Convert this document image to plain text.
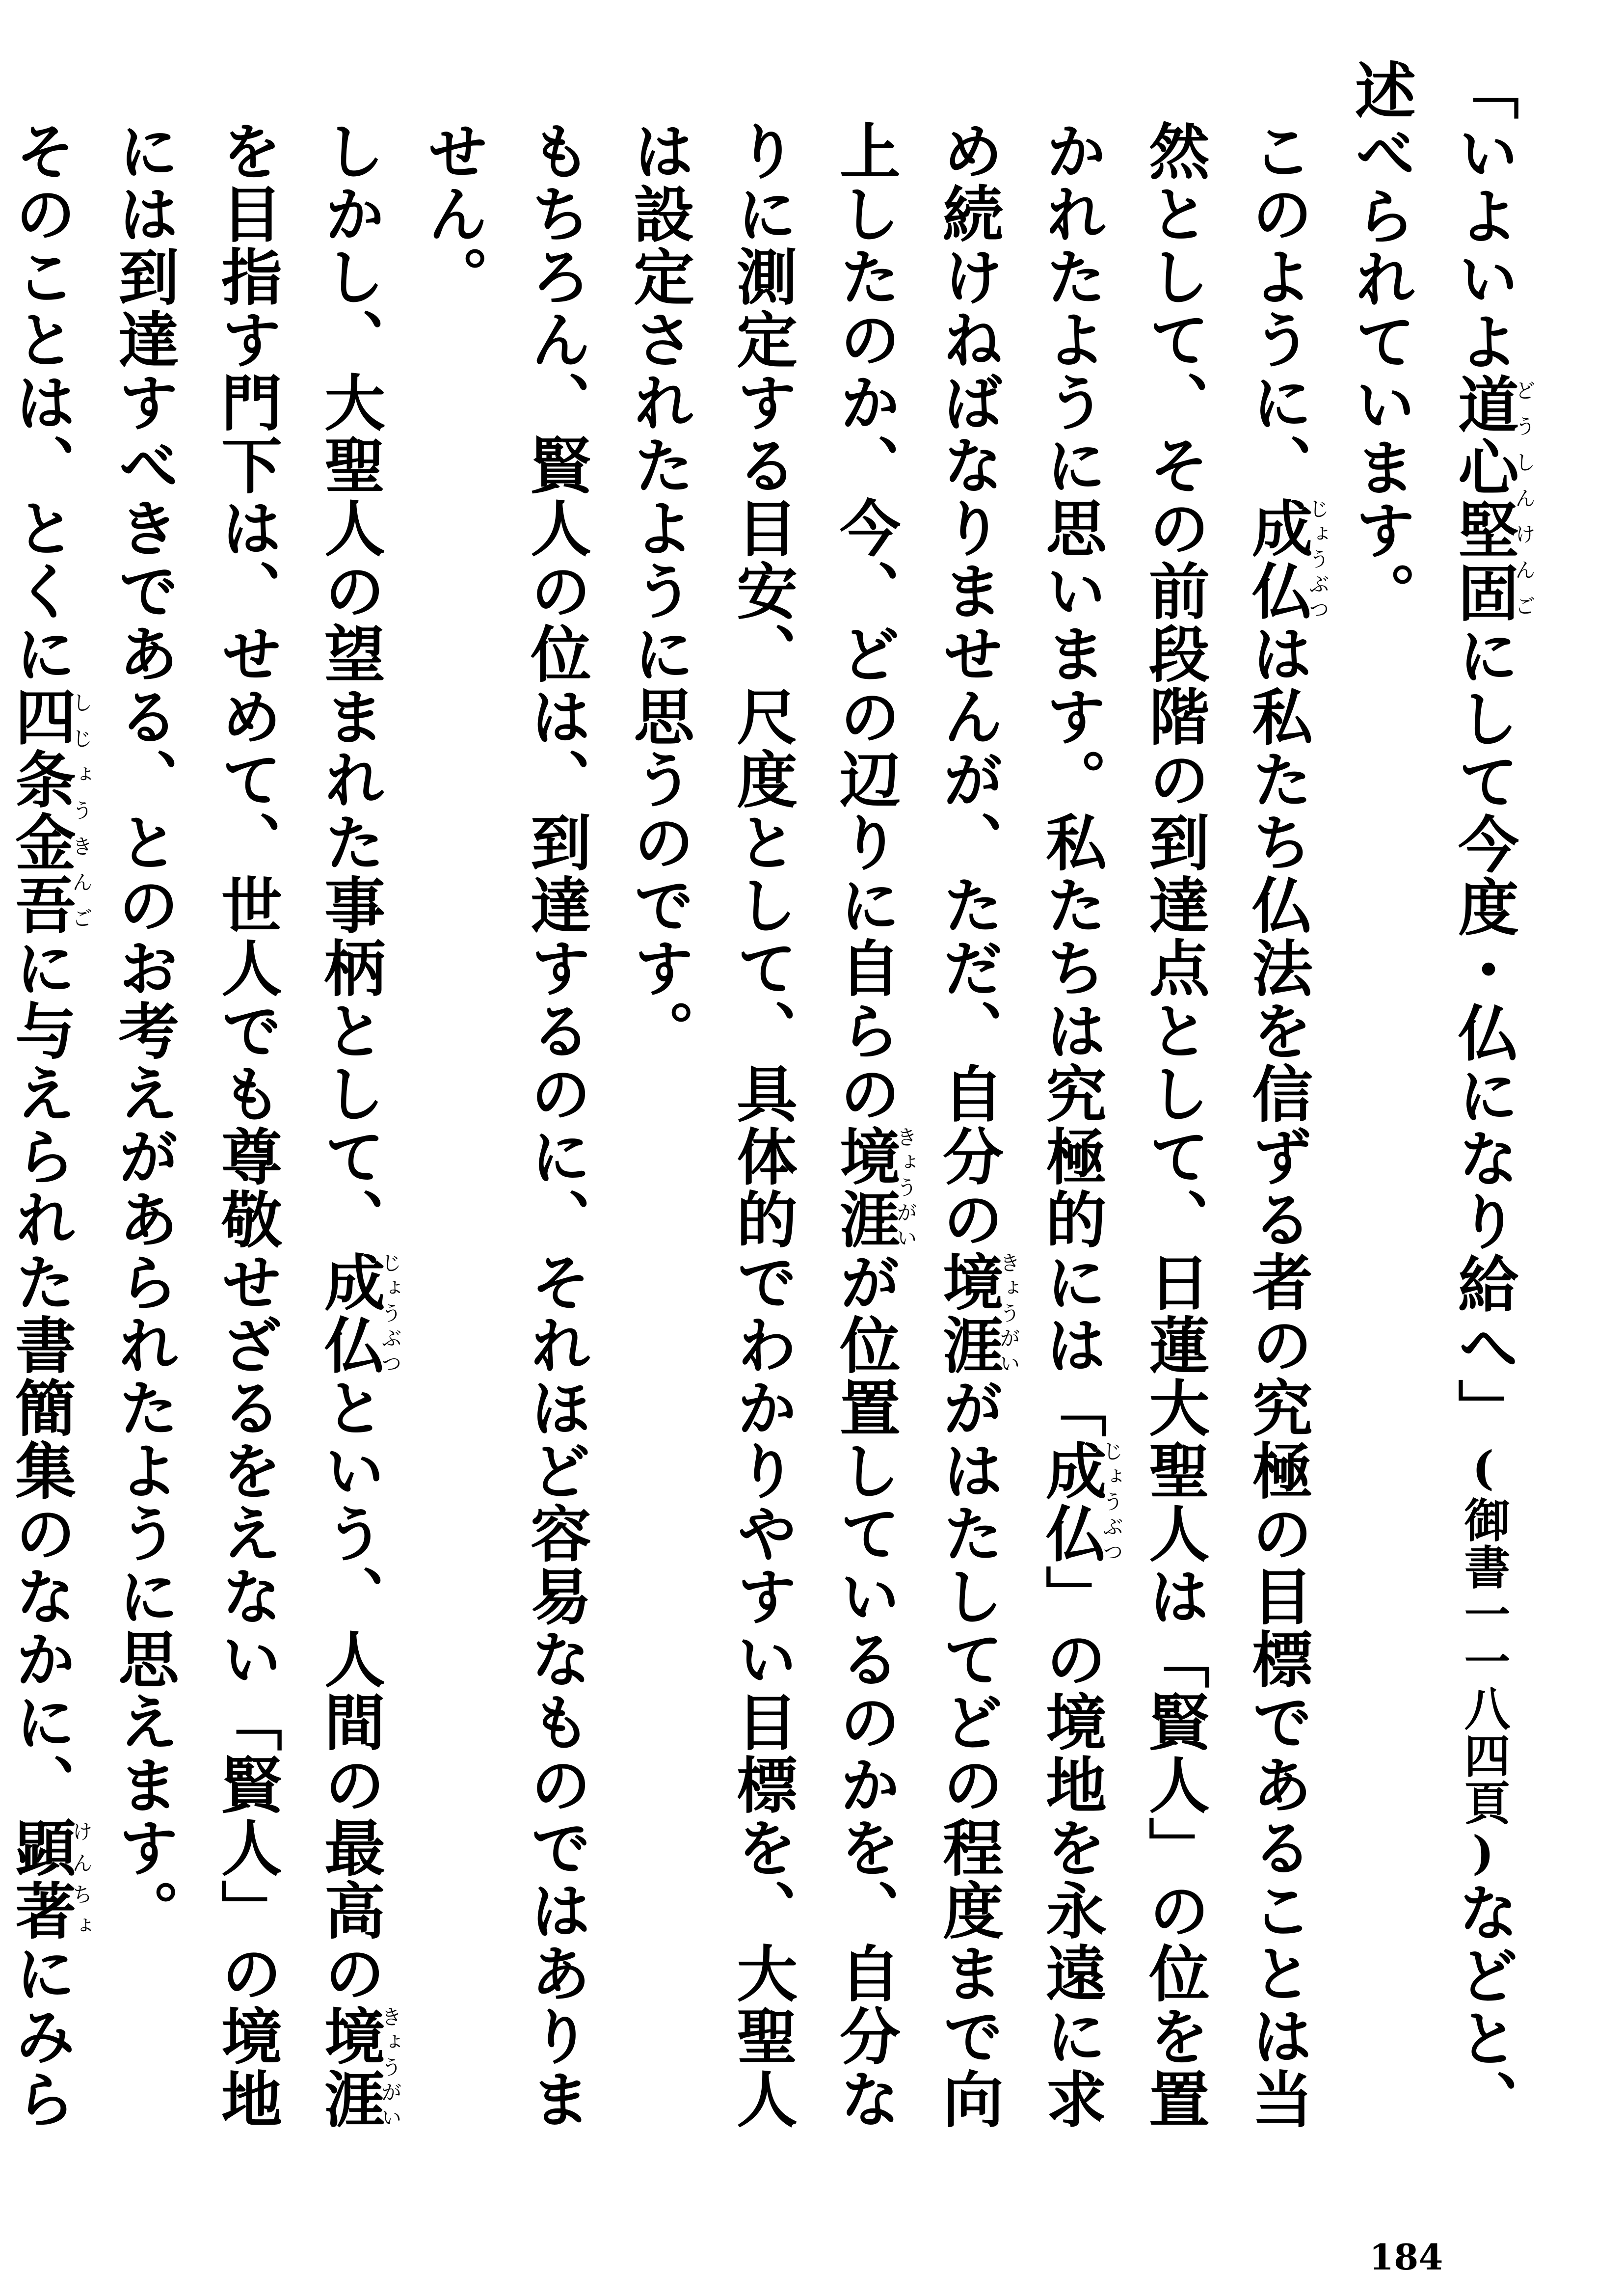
「いよいよ道心堅固どうしんけんごにして今度・仏になり給へ」(御書一一八四頁)などと、述べられています。

このように、成仏じょうぶつは私たち仏法を信ずる者の究極の目標であることは当然として、その前段階の到達点として、日蓮大聖人は「賢人」の位を置かれたように思います。私たちは究極的には「成仏じょうぶつ」の境地を永遠に求め続けねばなりませんが、ただ、自分の境涯きょうがいがはたしてどの程度まで向上したのか、今、どの辺りに自らの境涯きょうがいが位置しているのかを、自分なりに測定する目安、尺度として、具体的でわかりやすい目標を、大聖人は設定されたように思うのです。

もちろん、賢人の位は、到達するのに、それほど容易なものではありません。

しかし、大聖人の望まれた事柄として、成仏じょうぶつという、人間の最高の境涯きょうがいを目指す門下は、せめて、世人でも尊敬せざるをえない「賢人」の境地には到達すべきである、とのお考えがあられたように思えます。

そのことは、とくに四条金吾しじょうきんごに与えられた書簡集のなかに、顕著けんちょにみら

184
